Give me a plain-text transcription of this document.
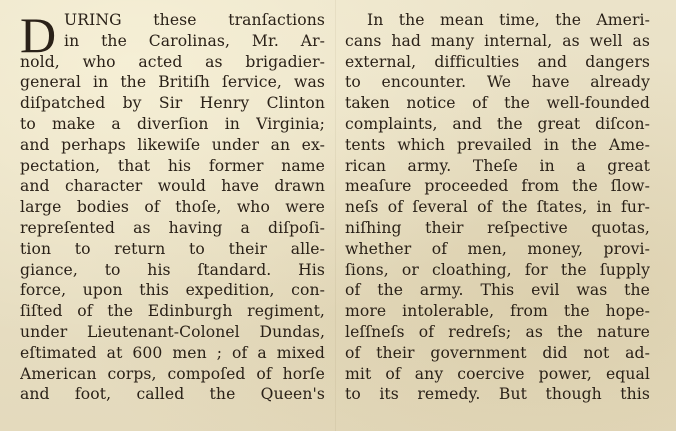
D URING these tranſactions
in the Carolinas, Mr. Ar-
nold, who acted as brigadier-
general in the Britiſh ſervice, was
diſpatched by Sir Henry Clinton
to make a diverſion in Virginia;
and perhaps likewiſe under an ex-
pectation, that his former name
and character would have drawn
large bodies of thoſe, who were
repreſented as having a diſpoſi-
tion to return to their alle-
giance, to his ſtandard. His
force, upon this expedition, con-
ſiſted of the Edinburgh regiment,
under Lieutenant-Colonel Dundas,
eſtimated at 600 men ; of a mixed
American corps, compoſed of horſe
and foot, called the Queen's
In the mean time, the Ameri-
cans had many internal, as well as
external, difficulties and dangers
to encounter. We have already
taken notice of the well-founded
complaints, and the great diſcon-
tents which prevailed in the Ame-
rican army. Theſe in a great
meaſure proceeded from the ſlow-
neſs of ſeveral of the ſtates, in fur-
niſhing their reſpective quotas,
whether of men, money, provi-
ſions, or cloathing, for the ſupply
of the army. This evil was the
more intolerable, from the hope-
leſſneſs of redreſs; as the nature
of their government did not ad-
mit of any coercive power, equal
to its remedy. But though this
